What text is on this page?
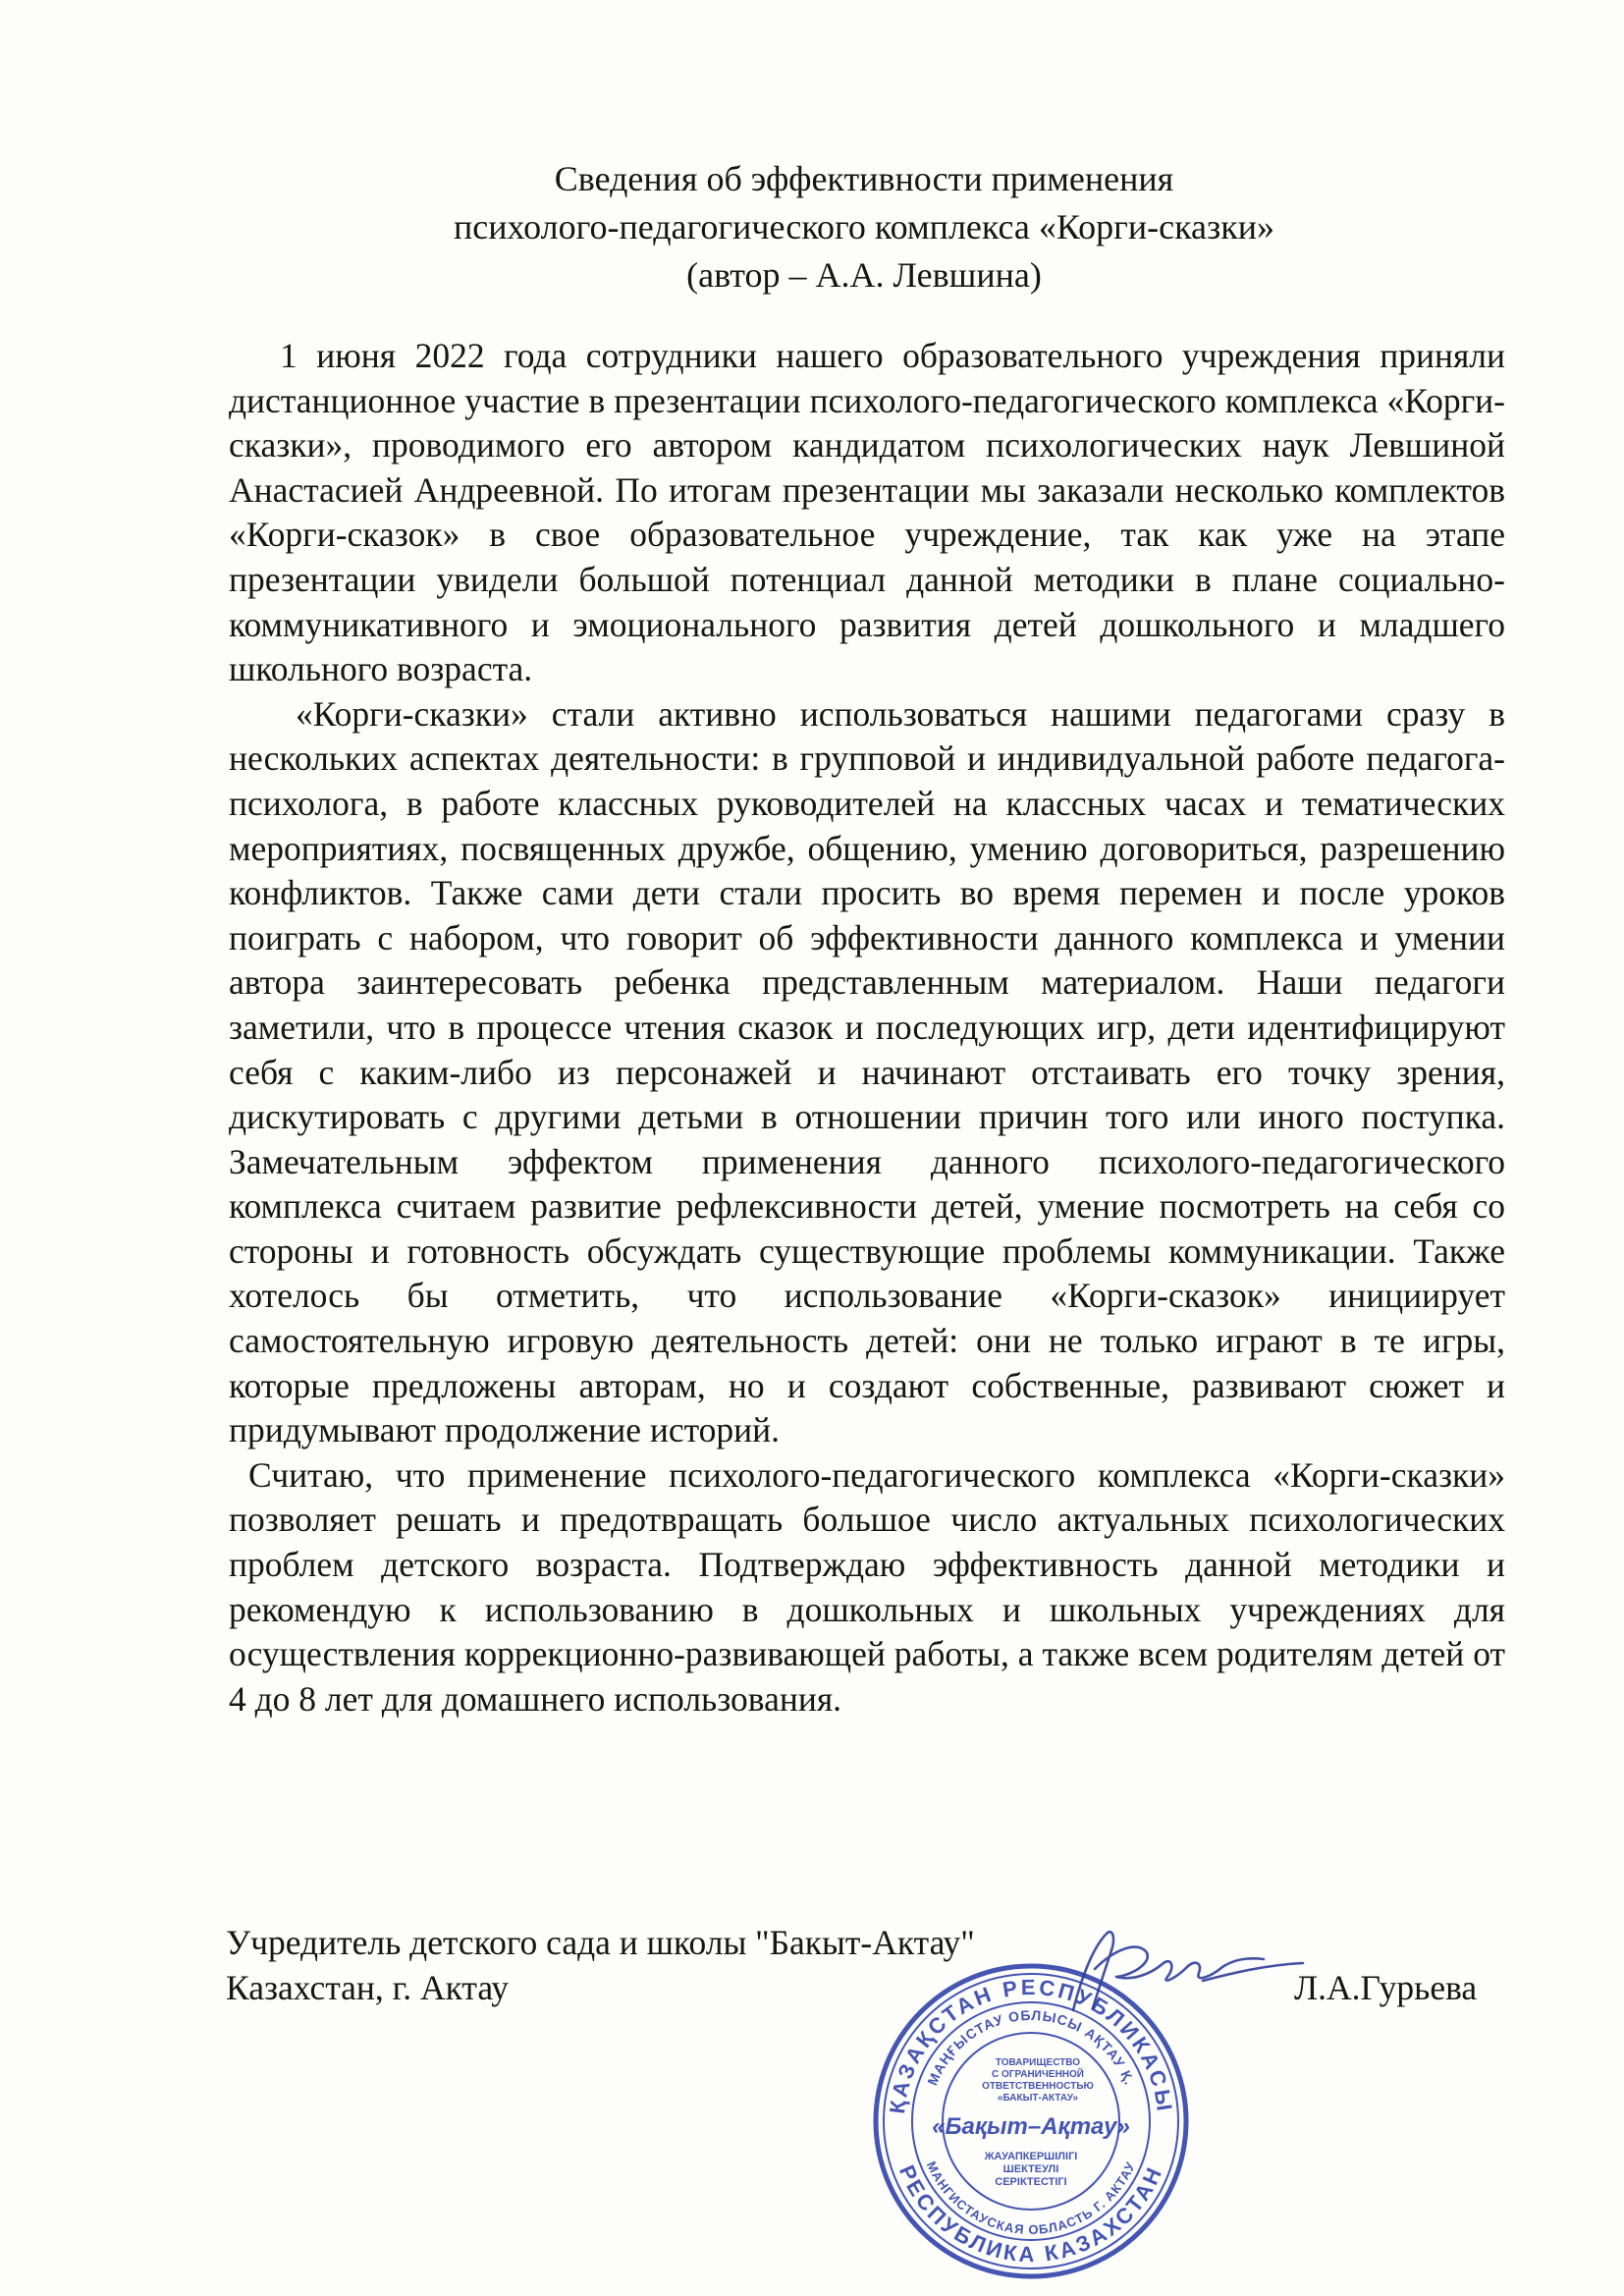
Сведения об эффективности применения
психолого-педагогического комплекса «Корги-сказки»
(автор – А.А. Левшина)

1 июня 2022 года сотрудники нашего образовательного учреждения приняли дистанционное участие в презентации психолого-педагогического комплекса «Корги-сказки», проводимого его автором кандидатом психологических наук Левшиной Анастасией Андреевной. По итогам презентации мы заказали несколько комплектов «Корги-сказок» в свое образовательное учреждение, так как уже на этапе презентации увидели большой потенциал данной методики в плане социально-коммуникативного и эмоционального развития детей дошкольного и младшего школьного возраста.

«Корги-сказки» стали активно использоваться нашими педагогами сразу в нескольких аспектах деятельности: в групповой и индивидуальной работе педагога-психолога, в работе классных руководителей на классных часах и тематических мероприятиях, посвященных дружбе, общению, умению договориться, разрешению конфликтов. Также сами дети стали просить во время перемен и после уроков поиграть с набором, что говорит об эффективности данного комплекса и умении автора заинтересовать ребенка представленным материалом. Наши педагоги заметили, что в процессе чтения сказок и последующих игр, дети идентифицируют себя с каким-либо из персонажей и начинают отстаивать его точку зрения, дискутировать с другими детьми в отношении причин того или иного поступка. Замечательным эффектом применения данного психолого-педагогического комплекса считаем развитие рефлексивности детей, умение посмотреть на себя со стороны и готовность обсуждать существующие проблемы коммуникации. Также хотелось бы отметить, что использование «Корги-сказок» инициирует самостоятельную игровую деятельность детей: они не только играют в те игры, которые предложены авторам, но и создают собственные, развивают сюжет и придумывают продолжение историй.

Считаю, что применение психолого-педагогического комплекса «Корги-сказки» позволяет решать и предотвращать большое число актуальных психологических проблем детского возраста. Подтверждаю эффективность данной методики и рекомендую к использованию в дошкольных и школьных учреждениях для осуществления коррекционно-развивающей работы, а также всем родителям детей от 4 до 8 лет для домашнего использования.

Учредитель детского сада и школы "Бакыт-Актау"
Казахстан, г. Актау	Л.А.Гурьева
ҚАЗАҚСТАН РЕСПУБЛИКАСЫ
РЕСПУБЛИКА КАЗАХСТАН
МАҢҒЫСТАУ ОБЛЫСЫ АҚТАУ Қ.
МАНГИСТАУСКАЯ ОБЛАСТЬ Г. АКТАУ
ТОВАРИЩЕСТВО
С ОГРАНИЧЕННОЙ
ОТВЕТСТВЕННОСТЬЮ
«БАКЫТ-АКТАУ»
«Бақыт–Ақтау»
ЖАУАПКЕРШІЛІГІ
ШЕКТЕУЛІ
СЕРІКТЕСТІГІ
